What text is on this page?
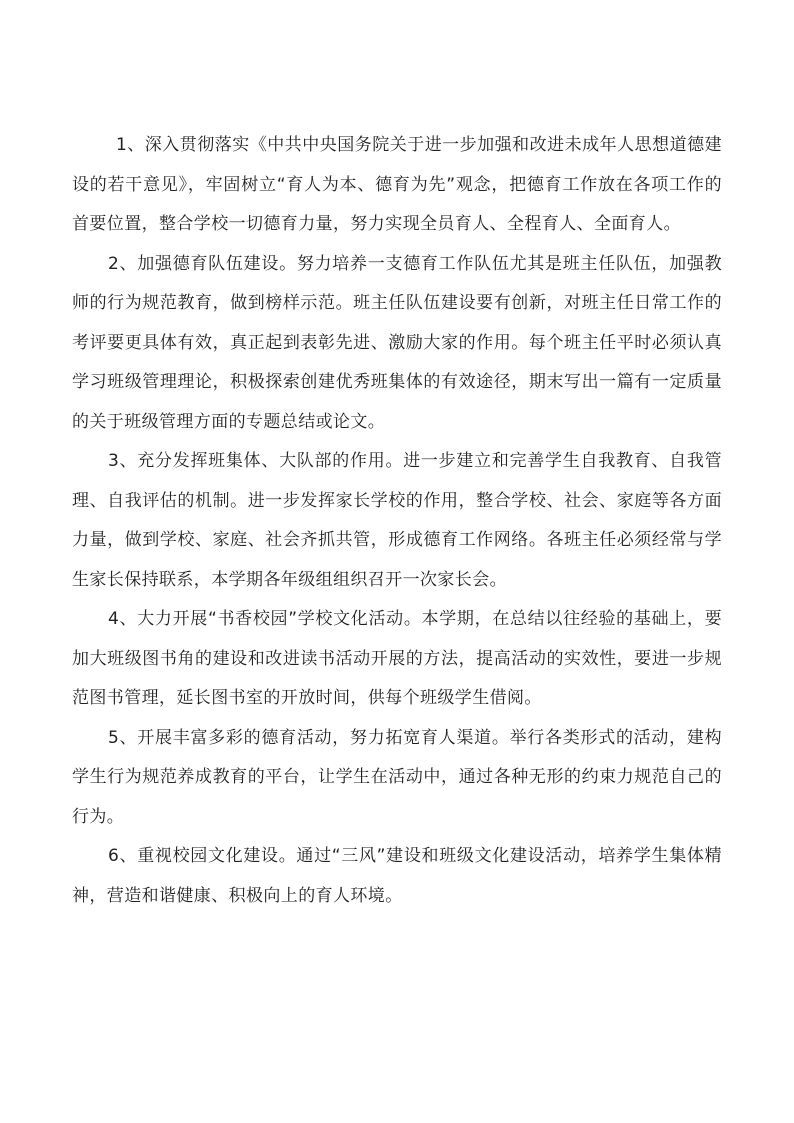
1、深入贯彻落实《中共中央国务院关于进一步加强和改进未成年人思想道德建设的若干意见》，牢固树立“育人为本、德育为先”观念，把德育工作放在各项工作的首要位置，整合学校一切德育力量，努力实现全员育人、全程育人、全面育人。

2、加强德育队伍建设。努力培养一支德育工作队伍尤其是班主任队伍，加强教师的行为规范教育，做到榜样示范。班主任队伍建设要有创新，对班主任日常工作的考评要更具体有效，真正起到表彰先进、激励大家的作用。每个班主任平时必须认真学习班级管理理论，积极探索创建优秀班集体的有效途径，期末写出一篇有一定质量的关于班级管理方面的专题总结或论文。

3、充分发挥班集体、大队部的作用。进一步建立和完善学生自我教育、自我管理、自我评估的机制。进一步发挥家长学校的作用，整合学校、社会、家庭等各方面力量，做到学校、家庭、社会齐抓共管，形成德育工作网络。各班主任必须经常与学生家长保持联系，本学期各年级组组织召开一次家长会。

4、大力开展“书香校园”学校文化活动。本学期，在总结以往经验的基础上，要加大班级图书角的建设和改进读书活动开展的方法，提高活动的实效性，要进一步规范图书管理，延长图书室的开放时间，供每个班级学生借阅。

5、开展丰富多彩的德育活动，努力拓宽育人渠道。举行各类形式的活动，建构学生行为规范养成教育的平台，让学生在活动中，通过各种无形的约束力规范自己的行为。

6、重视校园文化建设。通过“三风”建设和班级文化建设活动，培养学生集体精神，营造和谐健康、积极向上的育人环境。
